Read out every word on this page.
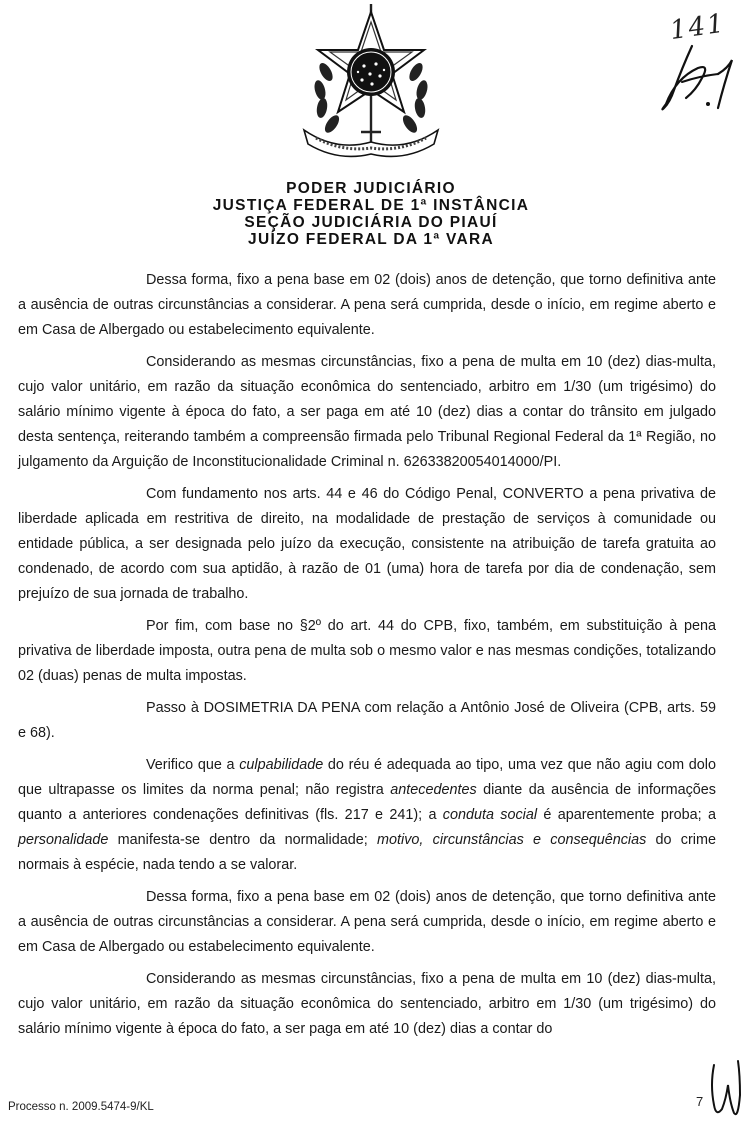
141
PODER JUDICIÁRIO
JUSTIÇA FEDERAL DE 1ª INSTÂNCIA
SEÇÃO JUDICIÁRIA DO PIAUÍ
JUÍZO FEDERAL DA 1ª VARA

Dessa forma, fixo a pena base em 02 (dois) anos de detenção, que torno definitiva ante a ausência de outras circunstâncias a considerar. A pena será cumprida, desde o início, em regime aberto e em Casa de Albergado ou estabelecimento equivalente.

Considerando as mesmas circunstâncias, fixo a pena de multa em 10 (dez) dias-multa, cujo valor unitário, em razão da situação econômica do sentenciado, arbitro em 1/30 (um trigésimo) do salário mínimo vigente à época do fato, a ser paga em até 10 (dez) dias a contar do trânsito em julgado desta sentença, reiterando também a compreensão firmada pelo Tribunal Regional Federal da 1ª Região, no julgamento da Arguição de Inconstitucionalidade Criminal n. 62633820054014000/PI.

Com fundamento nos arts. 44 e 46 do Código Penal, CONVERTO a pena privativa de liberdade aplicada em restritiva de direito, na modalidade de prestação de serviços à comunidade ou entidade pública, a ser designada pelo juízo da execução, consistente na atribuição de tarefa gratuita ao condenado, de acordo com sua aptidão, à razão de 01 (uma) hora de tarefa por dia de condenação, sem prejuízo de sua jornada de trabalho.

Por fim, com base no §2º do art. 44 do CPB, fixo, também, em substituição à pena privativa de liberdade imposta, outra pena de multa sob o mesmo valor e nas mesmas condições, totalizando 02 (duas) penas de multa impostas.

Passo à DOSIMETRIA DA PENA com relação a Antônio José de Oliveira (CPB, arts. 59 e 68).

Verifico que a culpabilidade do réu é adequada ao tipo, uma vez que não agiu com dolo que ultrapasse os limites da norma penal; não registra antecedentes diante da ausência de informações quanto a anteriores condenações definitivas (fls. 217 e 241); a conduta social é aparentemente proba; a personalidade manifesta-se dentro da normalidade; motivo, circunstâncias e consequências do crime normais à espécie, nada tendo a se valorar.

Dessa forma, fixo a pena base em 02 (dois) anos de detenção, que torno definitiva ante a ausência de outras circunstâncias a considerar. A pena será cumprida, desde o início, em regime aberto e em Casa de Albergado ou estabelecimento equivalente.

Considerando as mesmas circunstâncias, fixo a pena de multa em 10 (dez) dias-multa, cujo valor unitário, em razão da situação econômica do sentenciado, arbitro em 1/30 (um trigésimo) do salário mínimo vigente à época do fato, a ser paga em até 10 (dez) dias a contar do

Processo n. 2009.5474-9/KL	7
